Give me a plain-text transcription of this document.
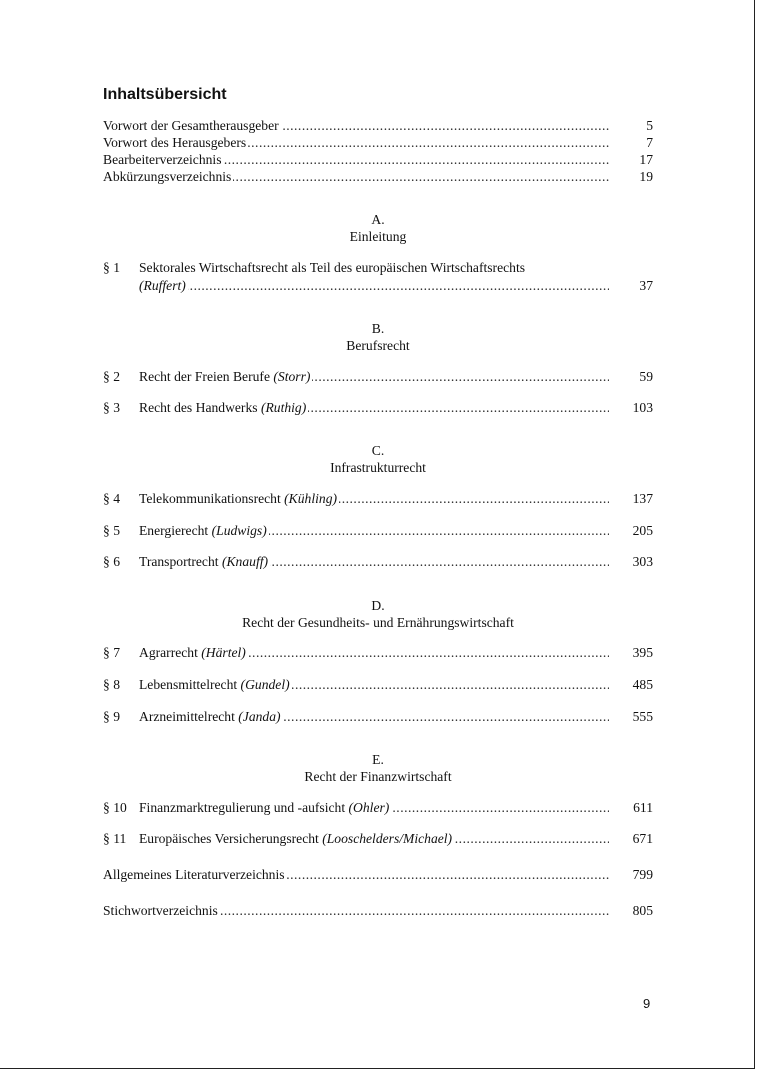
Inhaltsübersicht
.....
Vorwort der Gesamtherausgeber	5
.....
Vorwort des Herausgebers	7
.....
Bearbeiterverzeichnis	17
.....
Abkürzungsverzeichnis	19
A.
Einleitung
§ 1 Sektorales Wirtschaftsrecht als Teil des europäischen Wirtschaftsrechts
.....
(Ruffert)	37
B.
Berufsrecht
§ 2 ..... Recht der Freien Berufe (Storr)	59
§ 3 ..... Recht des Handwerks (Ruthig)	103
C.
Infrastrukturrecht
§ 4 ..... Telekommunikationsrecht (Kühling)	137
§ 5 ..... Energierecht (Ludwigs)	205
§ 6 ..... Transportrecht (Knauff)	303
D.
Recht der Gesundheits- und Ernährungswirtschaft
§ 7 ..... Agrarrecht (Härtel)	395
§ 8 ..... Lebensmittelrecht (Gundel)	485
§ 9 ..... Arzneimittelrecht (Janda)	555
E.
Recht der Finanzwirtschaft
§ 10 ..... Finanzmarktregulierung und -aufsicht (Ohler)	611
§ 11 ..... Europäisches Versicherungsrecht (Looschelders/Michael)	671
.....
Allgemeines Literaturverzeichnis	799
.....
Stichwortverzeichnis	805
9
